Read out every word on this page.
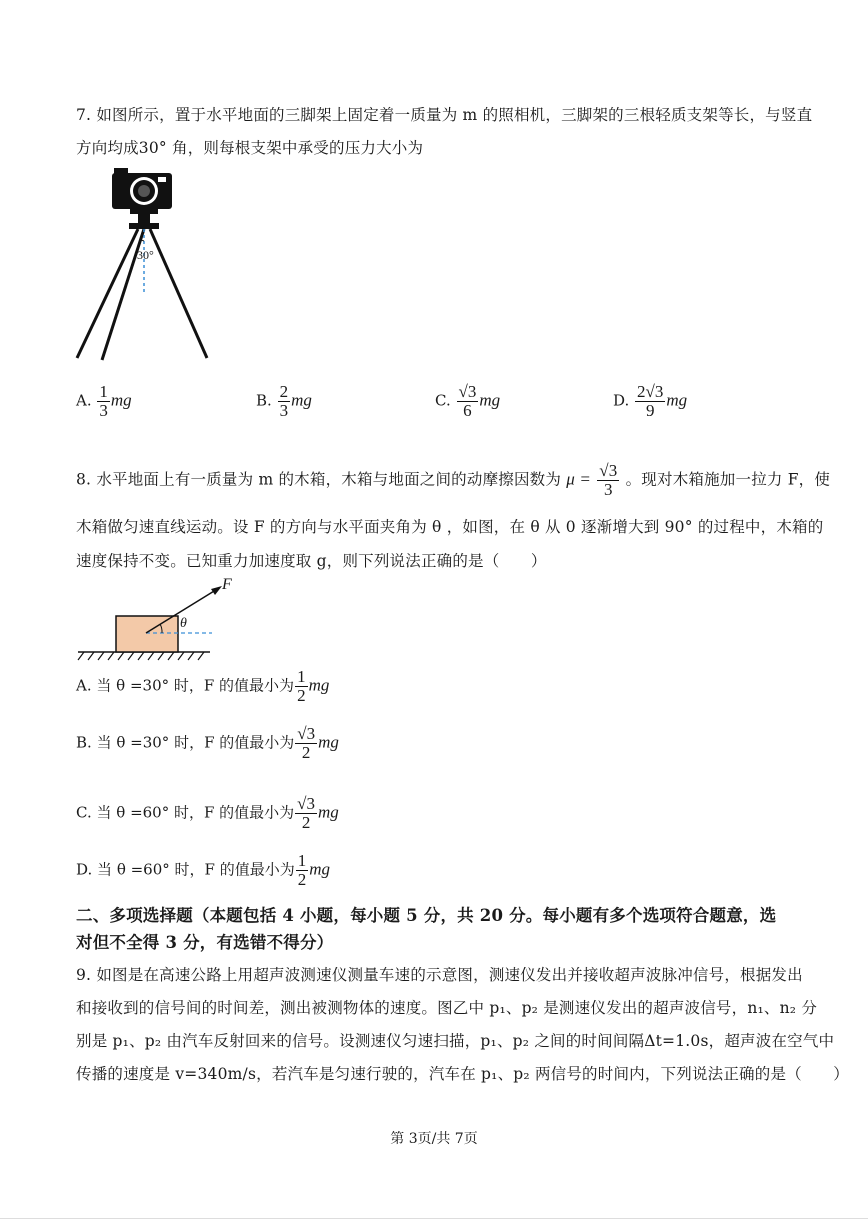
7. 如图所示，置于水平地面的三脚架上固定着一质量为 m 的照相机，三脚架的三根轻质支架等长，与竖直
方向均成30° 角，则每根支架中承受的压力大小为
30°
A. $\frac{1}{3}$ mg	B. $\frac{2}{3}$ mg	C. $\frac{√3}{6}$ mg	D. $\frac{2√3}{9}$ mg
8. 水平地面上有一质量为 m 的木箱，木箱与地面之间的动摩擦因数为 $\mu = \frac{√3}{3}$ 。现对木箱施加一拉力 F，使
木箱做匀速直线运动。设 F 的方向与水平面夹角为 θ ，如图，在 θ 从 0 逐渐增大到 90° 的过程中，木箱的
速度保持不变。已知重力加速度取 g，则下列说法正确的是（　　）
F
θ
A. 当 θ =30° 时，F 的值最小为 $\frac{1}{2}$ mg
B. 当 θ =30° 时，F 的值最小为 $\frac{√3}{2}$ mg
C. 当 θ =60° 时，F 的值最小为 $\frac{√3}{2}$ mg
D. 当 θ =60° 时，F 的值最小为 $\frac{1}{2}$ mg
二、多项选择题（本题包括 4 小题，每小题 5 分，共 20 分。每小题有多个选项符合题意，选
对但不全得 3 分，有选错不得分）
9. 如图是在高速公路上用超声波测速仪测量车速的示意图，测速仪发出并接收超声波脉冲信号，根据发出
和接收到的信号间的时间差，测出被测物体的速度。图乙中 p₁、p₂ 是测速仪发出的超声波信号，n₁、n₂ 分
别是 p₁、p₂ 由汽车反射回来的信号。设测速仪匀速扫描，p₁、p₂ 之间的时间间隔Δt=1.0s，超声波在空气中
传播的速度是 v=340m/s，若汽车是匀速行驶的，汽车在 p₁、p₂ 两信号的时间内，下列说法正确的是（　　）
第 3页/共 7页
